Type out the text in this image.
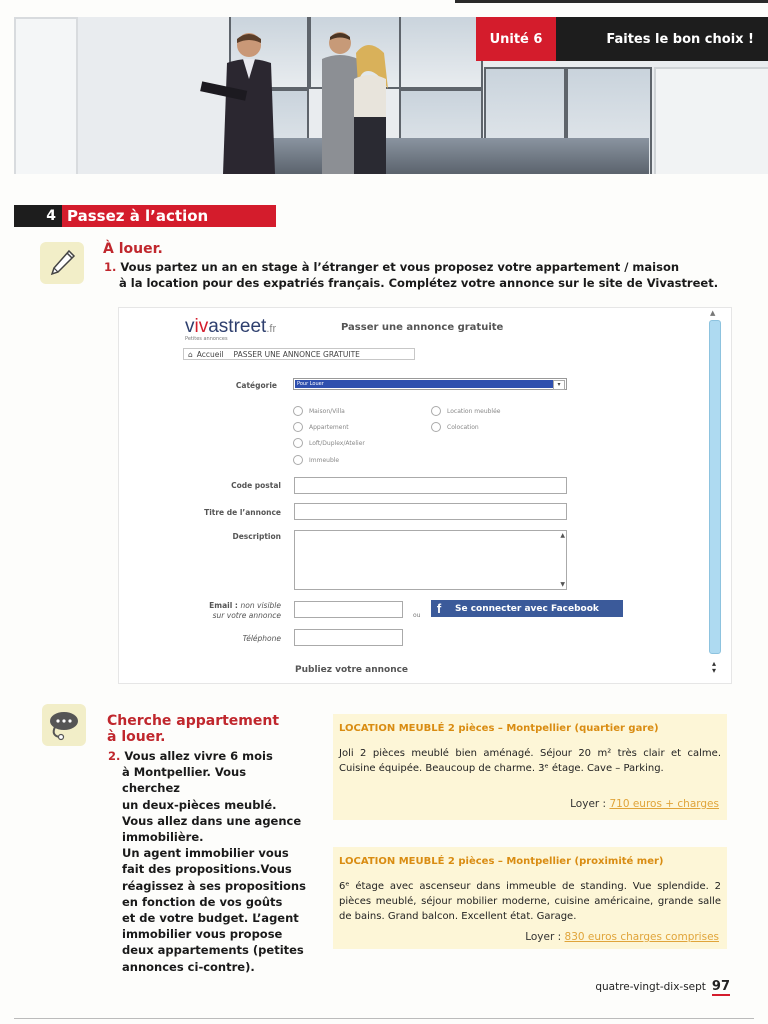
Unité 6	Faites le bon choix !
4 Passez à l’action
À louer.
1. Vous partez un an en stage à l’étranger et vous proposez votre appartement / maison
à la location pour des expatriés français. Complétez votre annonce sur le site de Vivastreet.
vivastreet.fr
Petites annonces
Passer une annonce gratuite
⌂ Accueil PASSER UNE ANNONCE GRATUITE
Catégorie	Pour Louer	▾
Maison/Villa	Location meublée
Appartement	Colocation
Loft/Duplex/Atelier
Immeuble
Code postal
Titre de l’annonce
Description	▲
▼
Email : non visible
sur votre annonce	ou	f	Se connecter avec Facebook
Téléphone
Publiez votre annonce
▲
▴
▾
Cherche appartement
à louer.
2. Vous allez vivre 6 mois
à Montpellier. Vous cherchez
un deux-pièces meublé.
Vous allez dans une agence
immobilière.
Un agent immobilier vous
fait des propositions.Vous
réagissez à ses propositions
en fonction de vos goûts
et de votre budget. L’agent
immobilier vous propose
deux appartements (petites
annonces ci-contre).
LOCATION MEUBLÉ 2 pièces – Montpellier (quartier gare)
Joli 2 pièces meublé bien aménagé. Séjour 20 m² très clair et calme. Cuisine équipée. Beaucoup de charme. 3ᵉ étage. Cave – Parking.
Loyer : 710 euros + charges
LOCATION MEUBLÉ 2 pièces – Montpellier (proximité mer)
6ᵉ étage avec ascenseur dans immeuble de standing. Vue splendide. 2 pièces meublé, séjour mobilier moderne, cuisine américaine, grande salle de bains. Grand balcon. Excellent état. Garage.
Loyer : 830 euros charges comprises
quatre-vingt-dix-sept 97
